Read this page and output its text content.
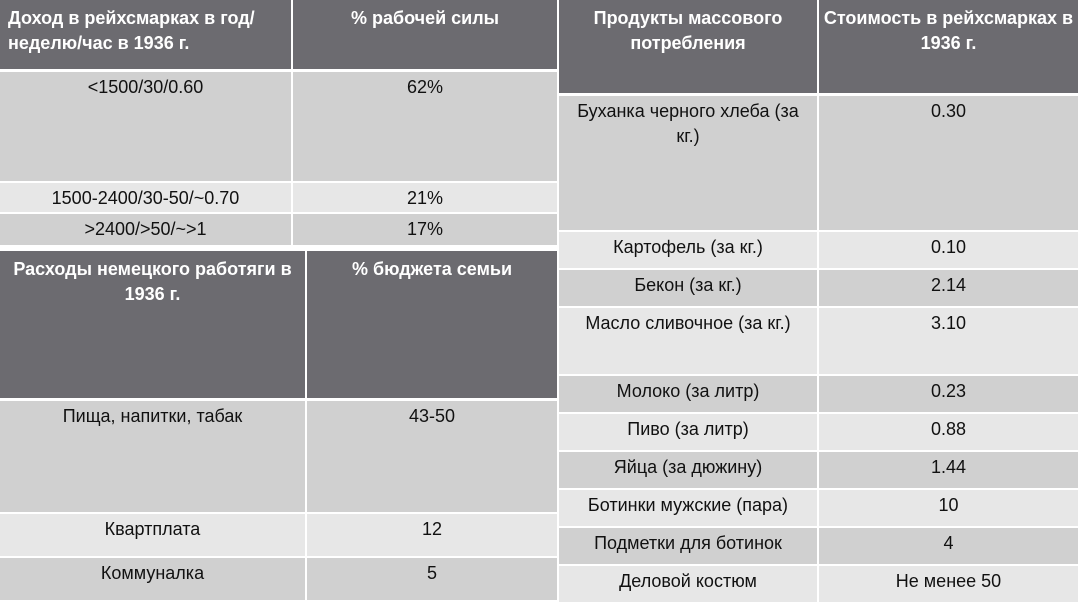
Доход в рейхсмарках в год/неделю/час в 1936 г.	% рабочей силы
<1500/30/0.60	62%
1500-2400/30-50/~0.70	21%
>2400/>50/~>1	17%
Расходы немецкого работяги в 1936 г.	% бюджета семьи
Пища, напитки, табак	43-50
Квартплата	12
Коммуналка	5
Продукты массового потребления	Стоимость в рейхсмарках в 1936 г.
Буханка черного хлеба (за кг.)	0.30
Картофель (за кг.)	0.10
Бекон (за кг.)	2.14
Масло сливочное (за кг.)	3.10
Молоко (за литр)	0.23
Пиво (за литр)	0.88
Яйца (за дюжину)	1.44
Ботинки мужские (пара)	10
Подметки для ботинок	4
Деловой костюм	Не менее 50
